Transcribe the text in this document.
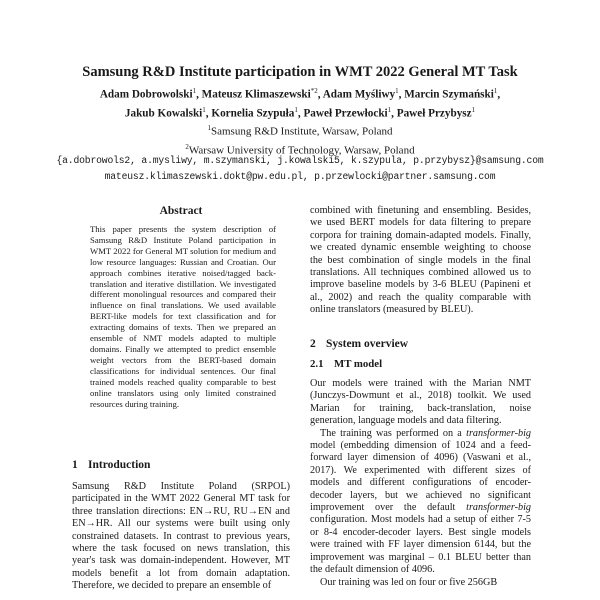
Samsung R&D Institute participation in WMT 2022 General MT Task
Adam Dobrowolski$^1$, Mateusz Klimaszewski$^{*2}$, Adam Myśliwy$^1$, Marcin Szymański$^1$,
Jakub Kowalski$^1$, Kornelia Szypuła$^1$, Paweł Przewłocki$^1$, Paweł Przybysz$^1$
$^1$Samsung R&D Institute, Warsaw, Poland
$^2$Warsaw University of Technology, Warsaw, Poland
{a.dobrowols2, a.mysliwy, m.szymanski, j.kowalski5, k.szypula, p.przybysz}@samsung.com
mateusz.klimaszewski.dokt@pw.edu.pl, p.przewlocki@partner.samsung.com
Abstract
This paper presents the system description of Samsung R&D Institute Poland participation in WMT 2022 for General MT solution for medium and low resource languages: Russian and Croatian. Our approach combines iterative noised/tagged back-translation and iterative distillation. We investigated different monolingual resources and compared their influence on final translations. We used available BERT-like models for text classification and for extracting domains of texts. Then we prepared an ensemble of NMT models adapted to multiple domains. Finally we attempted to predict ensemble weight vectors from the BERT-based domain classifications for individual sentences. Our final trained models reached quality comparable to best online translators using only limited constrained resources during training.
1 Introduction

Samsung R&D Institute Poland (SRPOL) participated in the WMT 2022 General MT task for three translation directions: EN→RU, RU→EN and EN→HR. All our systems were built using only constrained datasets. In contrast to previous years, where the task focused on news translation, this year's task was domain-independent. However, MT models benefit a lot from domain adaptation. Therefore, we decided to prepare an ensemble of

combined with finetuning and ensembling. Besides, we used BERT models for data filtering to prepare corpora for training domain-adapted models. Finally, we created dynamic ensemble weighting to choose the best combination of single models in the final translations. All techniques combined allowed us to improve baseline models by 3-6 BLEU (Papineni et al., 2002) and reach the quality comparable with online translators (measured by BLEU).

2 System overview
2.1 MT model

Our models were trained with the Marian NMT (Junczys-Dowmunt et al., 2018) toolkit. We used Marian for training, back-translation, noise generation, language models and data filtering.

The training was performed on a transformer-big model (embedding dimension of 1024 and a feed-forward layer dimension of 4096) (Vaswani et al., 2017). We experimented with different sizes of models and different configurations of encoder-decoder layers, but we achieved no significant improvement over the default transformer-big configuration. Most models had a setup of either 7-5 or 8-4 encoder-decoder layers. Best single models were trained with FF layer dimension 6144, but the improvement was marginal – 0.1 BLEU better than the default dimension of 4096.

Our training was led on four or five 256GB
